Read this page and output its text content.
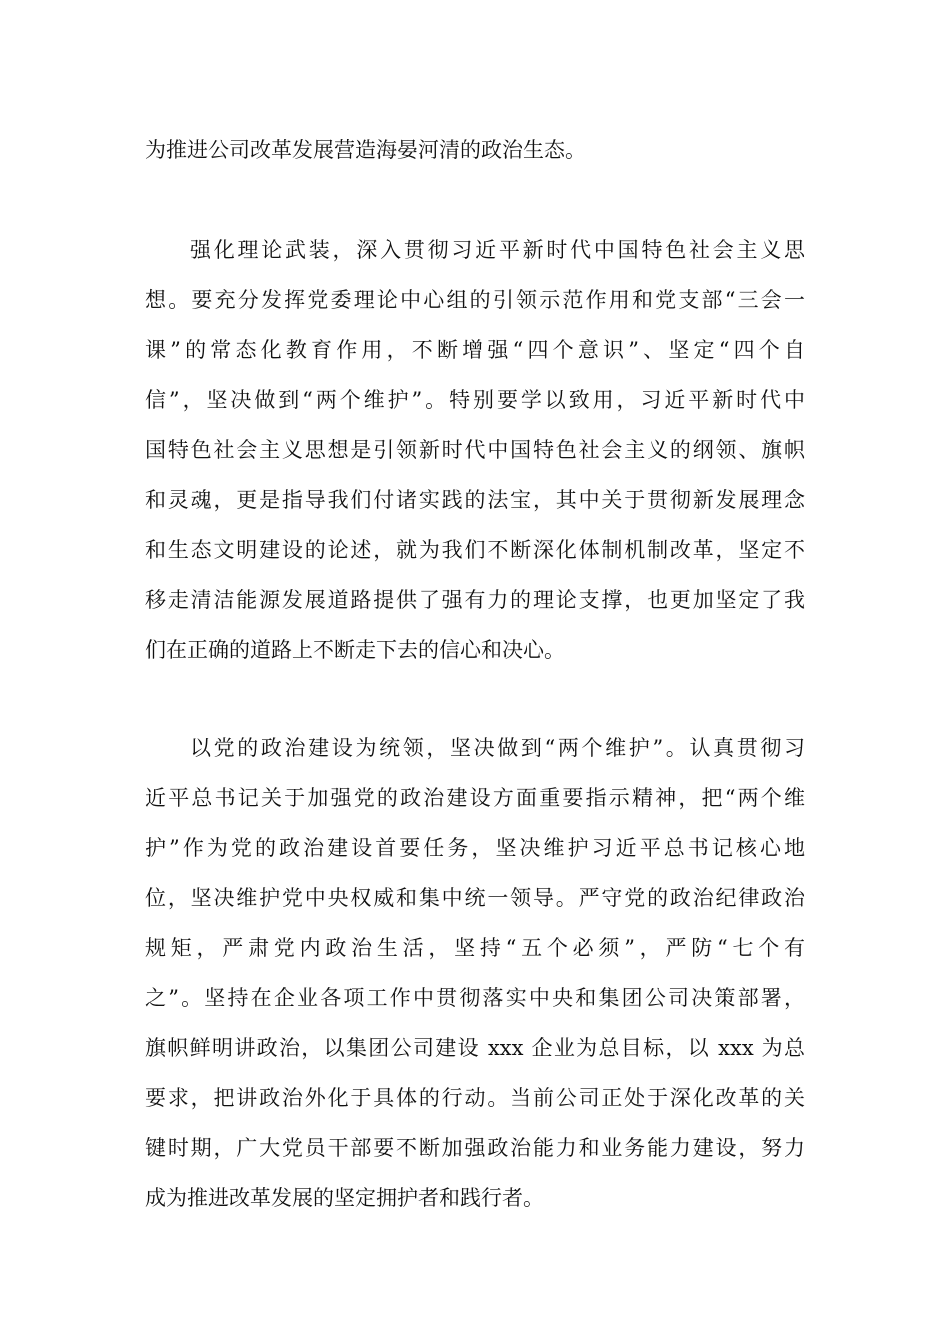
为推进公司改革发展营造海晏河清的政治生态。
强化理论武装，深入贯彻习近平新时代中国特色社会主义思
想。要充分发挥党委理论中心组的引领示范作用和党支部“三会一
课”的常态化教育作用，不断增强“四个意识”、坚定“四个自
信”，坚决做到“两个维护”。特别要学以致用，习近平新时代中
国特色社会主义思想是引领新时代中国特色社会主义的纲领、旗帜
和灵魂，更是指导我们付诸实践的法宝，其中关于贯彻新发展理念
和生态文明建设的论述，就为我们不断深化体制机制改革，坚定不
移走清洁能源发展道路提供了强有力的理论支撑，也更加坚定了我
们在正确的道路上不断走下去的信心和决心。
以党的政治建设为统领，坚决做到“两个维护”。认真贯彻习
近平总书记关于加强党的政治建设方面重要指示精神，把“两个维
护”作为党的政治建设首要任务，坚决维护习近平总书记核心地
位，坚决维护党中央权威和集中统一领导。严守党的政治纪律政治
规矩，严肃党内政治生活，坚持“五个必须”，严防“七个有
之”。坚持在企业各项工作中贯彻落实中央和集团公司决策部署，
旗帜鲜明讲政治，以集团公司建设 xxx 企业为总目标，以 xxx 为总
要求，把讲政治外化于具体的行动。当前公司正处于深化改革的关
键时期，广大党员干部要不断加强政治能力和业务能力建设，努力
成为推进改革发展的坚定拥护者和践行者。
